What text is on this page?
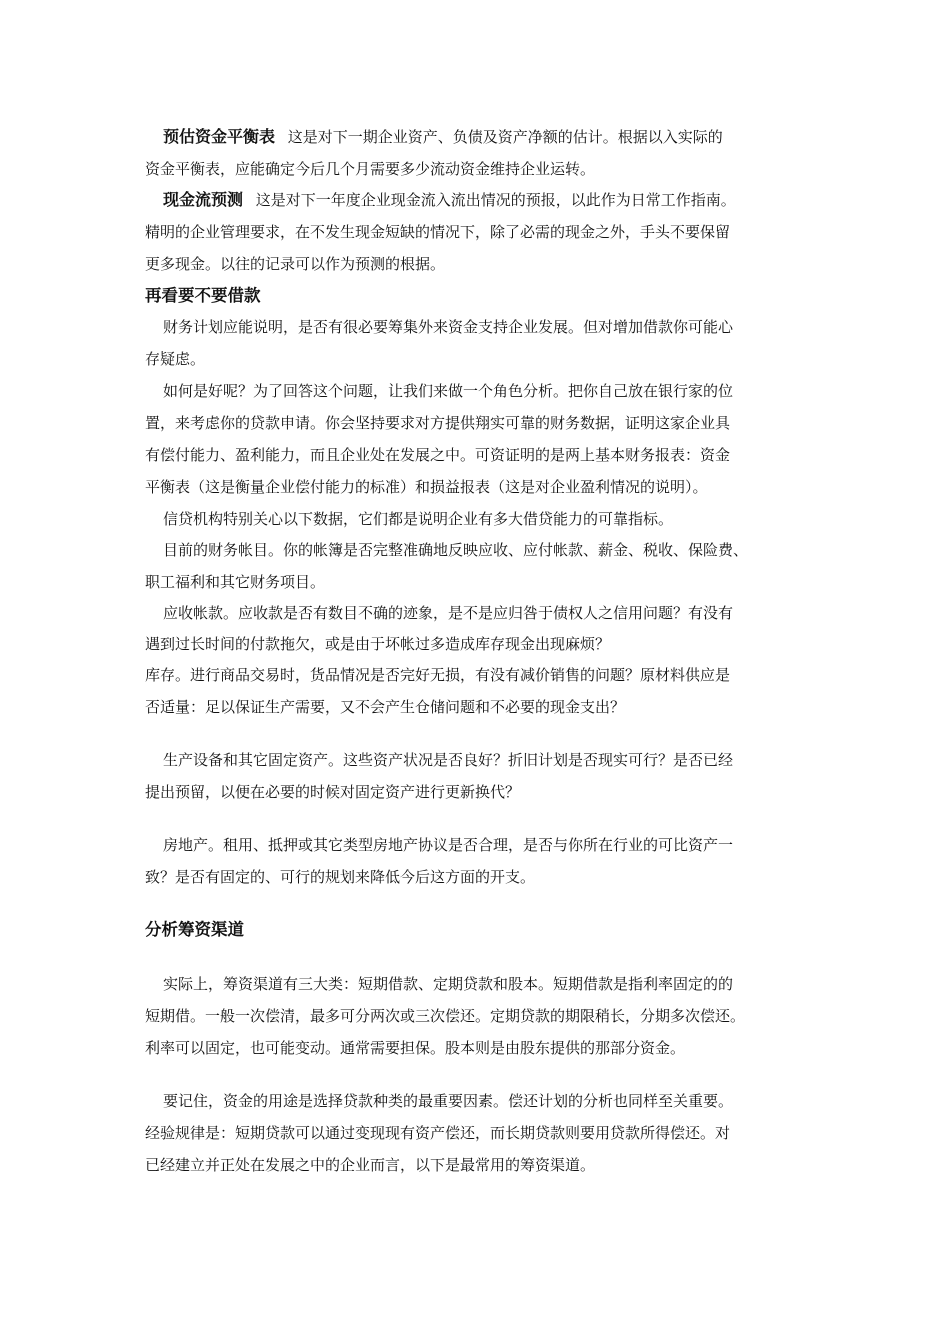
预估资金平衡表 这是对下一期企业资产、负债及资产净额的估计。根据以入实际的
资金平衡表，应能确定今后几个月需要多少流动资金维持企业运转。
现金流预测 这是对下一年度企业现金流入流出情况的预报，以此作为日常工作指南。
精明的企业管理要求，在不发生现金短缺的情况下，除了必需的现金之外，手头不要保留
更多现金。以往的记录可以作为预测的根据。
再看要不要借款
财务计划应能说明，是否有很必要筹集外来资金支持企业发展。但对增加借款你可能心
存疑虑。
如何是好呢？为了回答这个问题，让我们来做一个角色分析。把你自己放在银行家的位
置，来考虑你的贷款申请。你会坚持要求对方提供翔实可靠的财务数据，证明这家企业具
有偿付能力、盈利能力，而且企业处在发展之中。可资证明的是两上基本财务报表：资金
平衡表（这是衡量企业偿付能力的标准）和损益报表（这是对企业盈利情况的说明）。
信贷机构特别关心以下数据，它们都是说明企业有多大借贷能力的可靠指标。
目前的财务帐目。你的帐簿是否完整准确地反映应收、应付帐款、薪金、税收、保险费、
职工福利和其它财务项目。
应收帐款。应收款是否有数目不确的迹象，是不是应归咎于债权人之信用问题？有没有
遇到过长时间的付款拖欠，或是由于坏帐过多造成库存现金出现麻烦？
库存。进行商品交易时，货品情况是否完好无损，有没有减价销售的问题？原材料供应是
否适量：足以保证生产需要，又不会产生仓储问题和不必要的现金支出？
生产设备和其它固定资产。这些资产状况是否良好？折旧计划是否现实可行？是否已经
提出预留，以便在必要的时候对固定资产进行更新换代？
房地产。租用、抵押或其它类型房地产协议是否合理，是否与你所在行业的可比资产一
致？是否有固定的、可行的规划来降低今后这方面的开支。
分析筹资渠道
实际上，筹资渠道有三大类：短期借款、定期贷款和股本。短期借款是指利率固定的的
短期借。一般一次偿清，最多可分两次或三次偿还。定期贷款的期限稍长，分期多次偿还。
利率可以固定，也可能变动。通常需要担保。股本则是由股东提供的那部分资金。
要记住，资金的用途是选择贷款种类的最重要因素。偿还计划的分析也同样至关重要。
经验规律是：短期贷款可以通过变现现有资产偿还，而长期贷款则要用贷款所得偿还。对
已经建立并正处在发展之中的企业而言，以下是最常用的筹资渠道。
